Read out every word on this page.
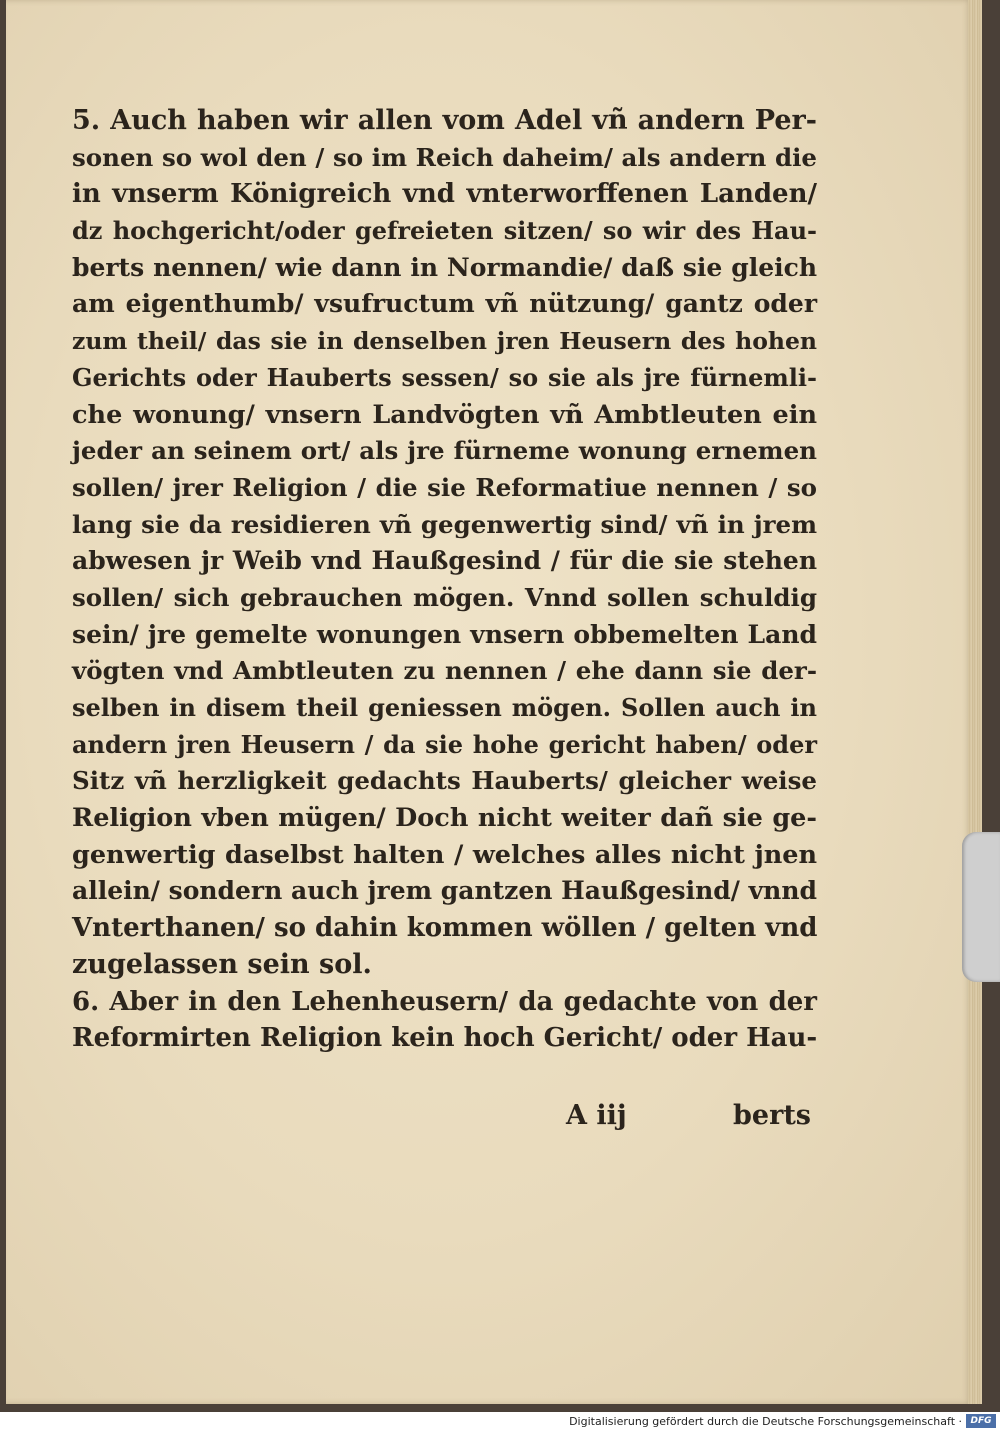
5. Auch haben wir allen vom Adel vñ andern Per-
sonen so wol den / so im Reich daheim/ als andern die
in vnserm Königreich vnd vnterworffenen Landen/
dz hochgericht/oder gefreieten sitzen/ so wir des Hau-
berts nennen/ wie dann in Normandie/ daß sie gleich
am eigenthumb/ vsufructum vñ nützung/ gantz oder
zum theil/ das sie in denselben jren Heusern des hohen
Gerichts oder Hauberts sessen/ so sie als jre fürnemli-
che wonung/ vnsern Landvögten vñ Ambtleuten ein
jeder an seinem ort/ als jre fürneme wonung ernemen
sollen/ jrer Religion / die sie Reformatiue nennen / so
lang sie da residieren vñ gegenwertig sind/ vñ in jrem
abwesen jr Weib vnd Haußgesind / für die sie stehen
sollen/ sich gebrauchen mögen. Vnnd sollen schuldig
sein/ jre gemelte wonungen vnsern obbemelten Land
vögten vnd Ambtleuten zu nennen / ehe dann sie der-
selben in disem theil geniessen mögen. Sollen auch in
andern jren Heusern / da sie hohe gericht haben/ oder
Sitz vñ herzligkeit gedachts Hauberts/ gleicher weise
Religion vben mügen/ Doch nicht weiter dañ sie ge-
genwertig daselbst halten / welches alles nicht jnen
allein/ sondern auch jrem gantzen Haußgesind/ vnnd
Vnterthanen/ so dahin kommen wöllen / gelten vnd
zugelassen sein sol.
6. Aber in den Lehenheusern/ da gedachte von der
Reformirten Religion kein hoch Gericht/ oder Hau-
A iij	berts
Digitalisierung gefördert durch die Deutsche Forschungsgemeinschaft · DFG
